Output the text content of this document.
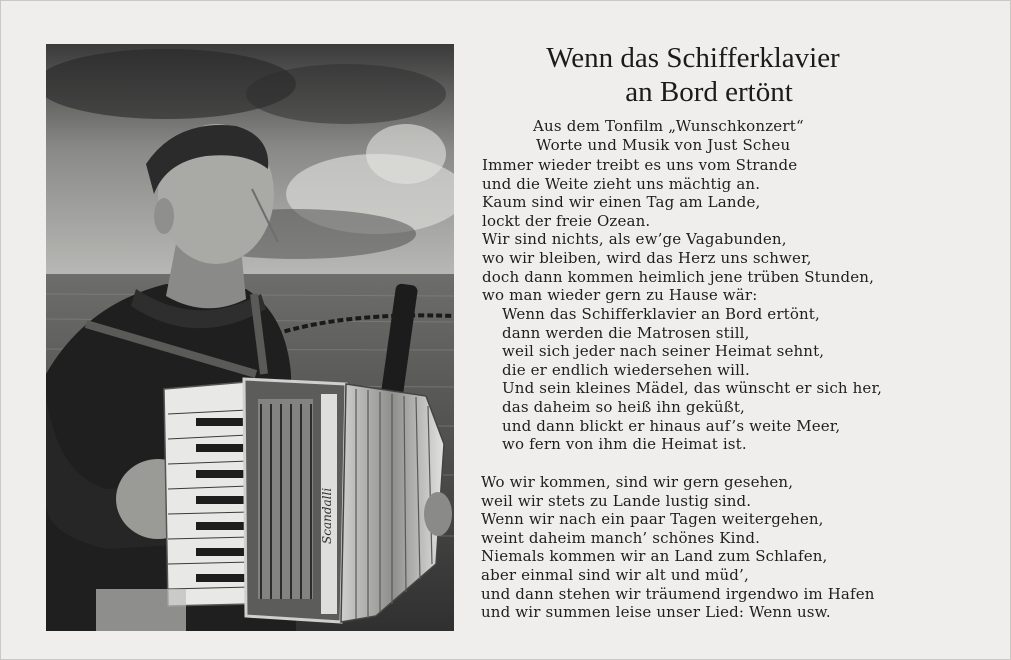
Wenn das Schifferklavier
an Bord ertönt
Aus dem Tonfilm „Wunschkonzert“
Worte und Musik von Just Scheu
Immer wieder treibt es uns vom Strande
und die Weite zieht uns mächtig an.
Kaum sind wir einen Tag am Lande,
lockt der freie Ozean.
Wir sind nichts, als ew’ge Vagabunden,
wo wir bleiben, wird das Herz uns schwer,
doch dann kommen heimlich jene trüben Stunden,
wo man wieder gern zu Hause wär:
Wenn das Schifferklavier an Bord ertönt,
dann werden die Matrosen still,
weil sich jeder nach seiner Heimat sehnt,
die er endlich wiedersehen will.
Und sein kleines Mädel, das wünscht er sich her,
das daheim so heiß ihn geküßt,
und dann blickt er hinaus auf’s weite Meer,
wo fern von ihm die Heimat ist.
Wo wir kommen, sind wir gern gesehen,
weil wir stets zu Lande lustig sind.
Wenn wir nach ein paar Tagen weitergehen,
weint daheim manch’ schönes Kind.
Niemals kommen wir an Land zum Schlafen,
aber einmal sind wir alt und müd’,
und dann stehen wir träumend irgendwo im Hafen
und wir summen leise unser Lied: Wenn usw.
Scandalli
